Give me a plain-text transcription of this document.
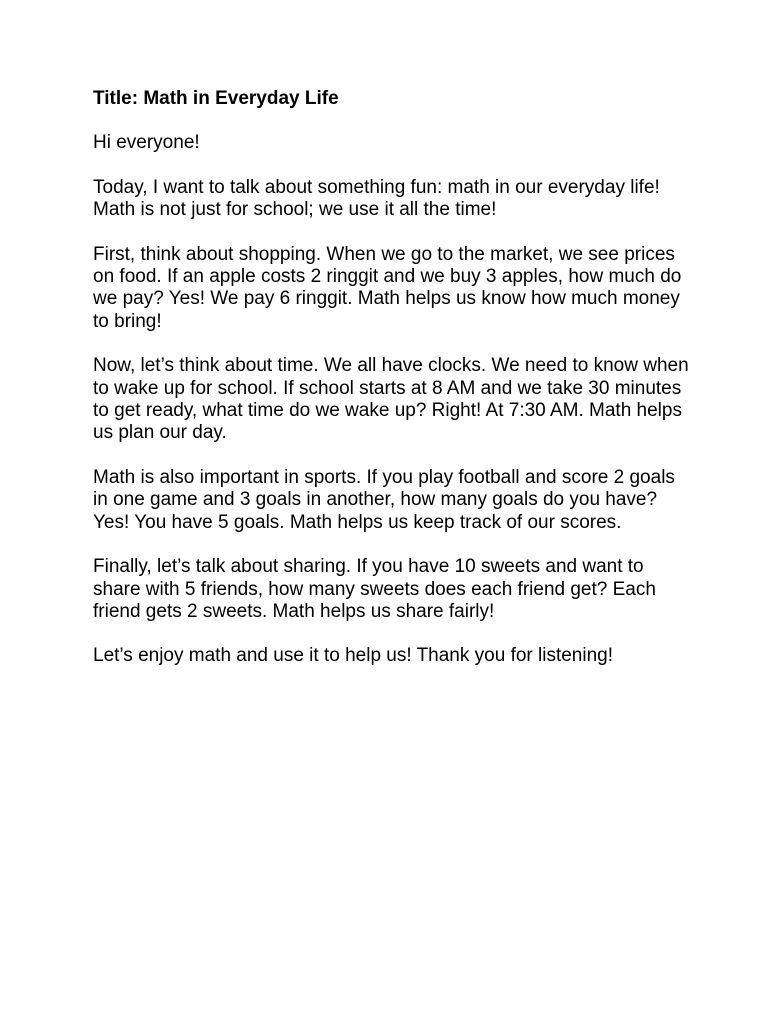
Title: Math in Everyday Life

Hi everyone!

Today, I want to talk about something fun: math in our everyday life! Math is not just for school; we use it all the time!

First, think about shopping. When we go to the market, we see prices on food. If an apple costs 2 ringgit and we buy 3 apples, how much do we pay? Yes! We pay 6 ringgit. Math helps us know how much money to bring!

Now, let’s think about time. We all have clocks. We need to know when to wake up for school. If school starts at 8 AM and we take 30 minutes to get ready, what time do we wake up? Right! At 7:30 AM. Math helps us plan our day.

Math is also important in sports. If you play football and score 2 goals in one game and 3 goals in another, how many goals do you have? Yes! You have 5 goals. Math helps us keep track of our scores.

Finally, let’s talk about sharing. If you have 10 sweets and want to share with 5 friends, how many sweets does each friend get? Each friend gets 2 sweets. Math helps us share fairly!

Let’s enjoy math and use it to help us! Thank you for listening!
